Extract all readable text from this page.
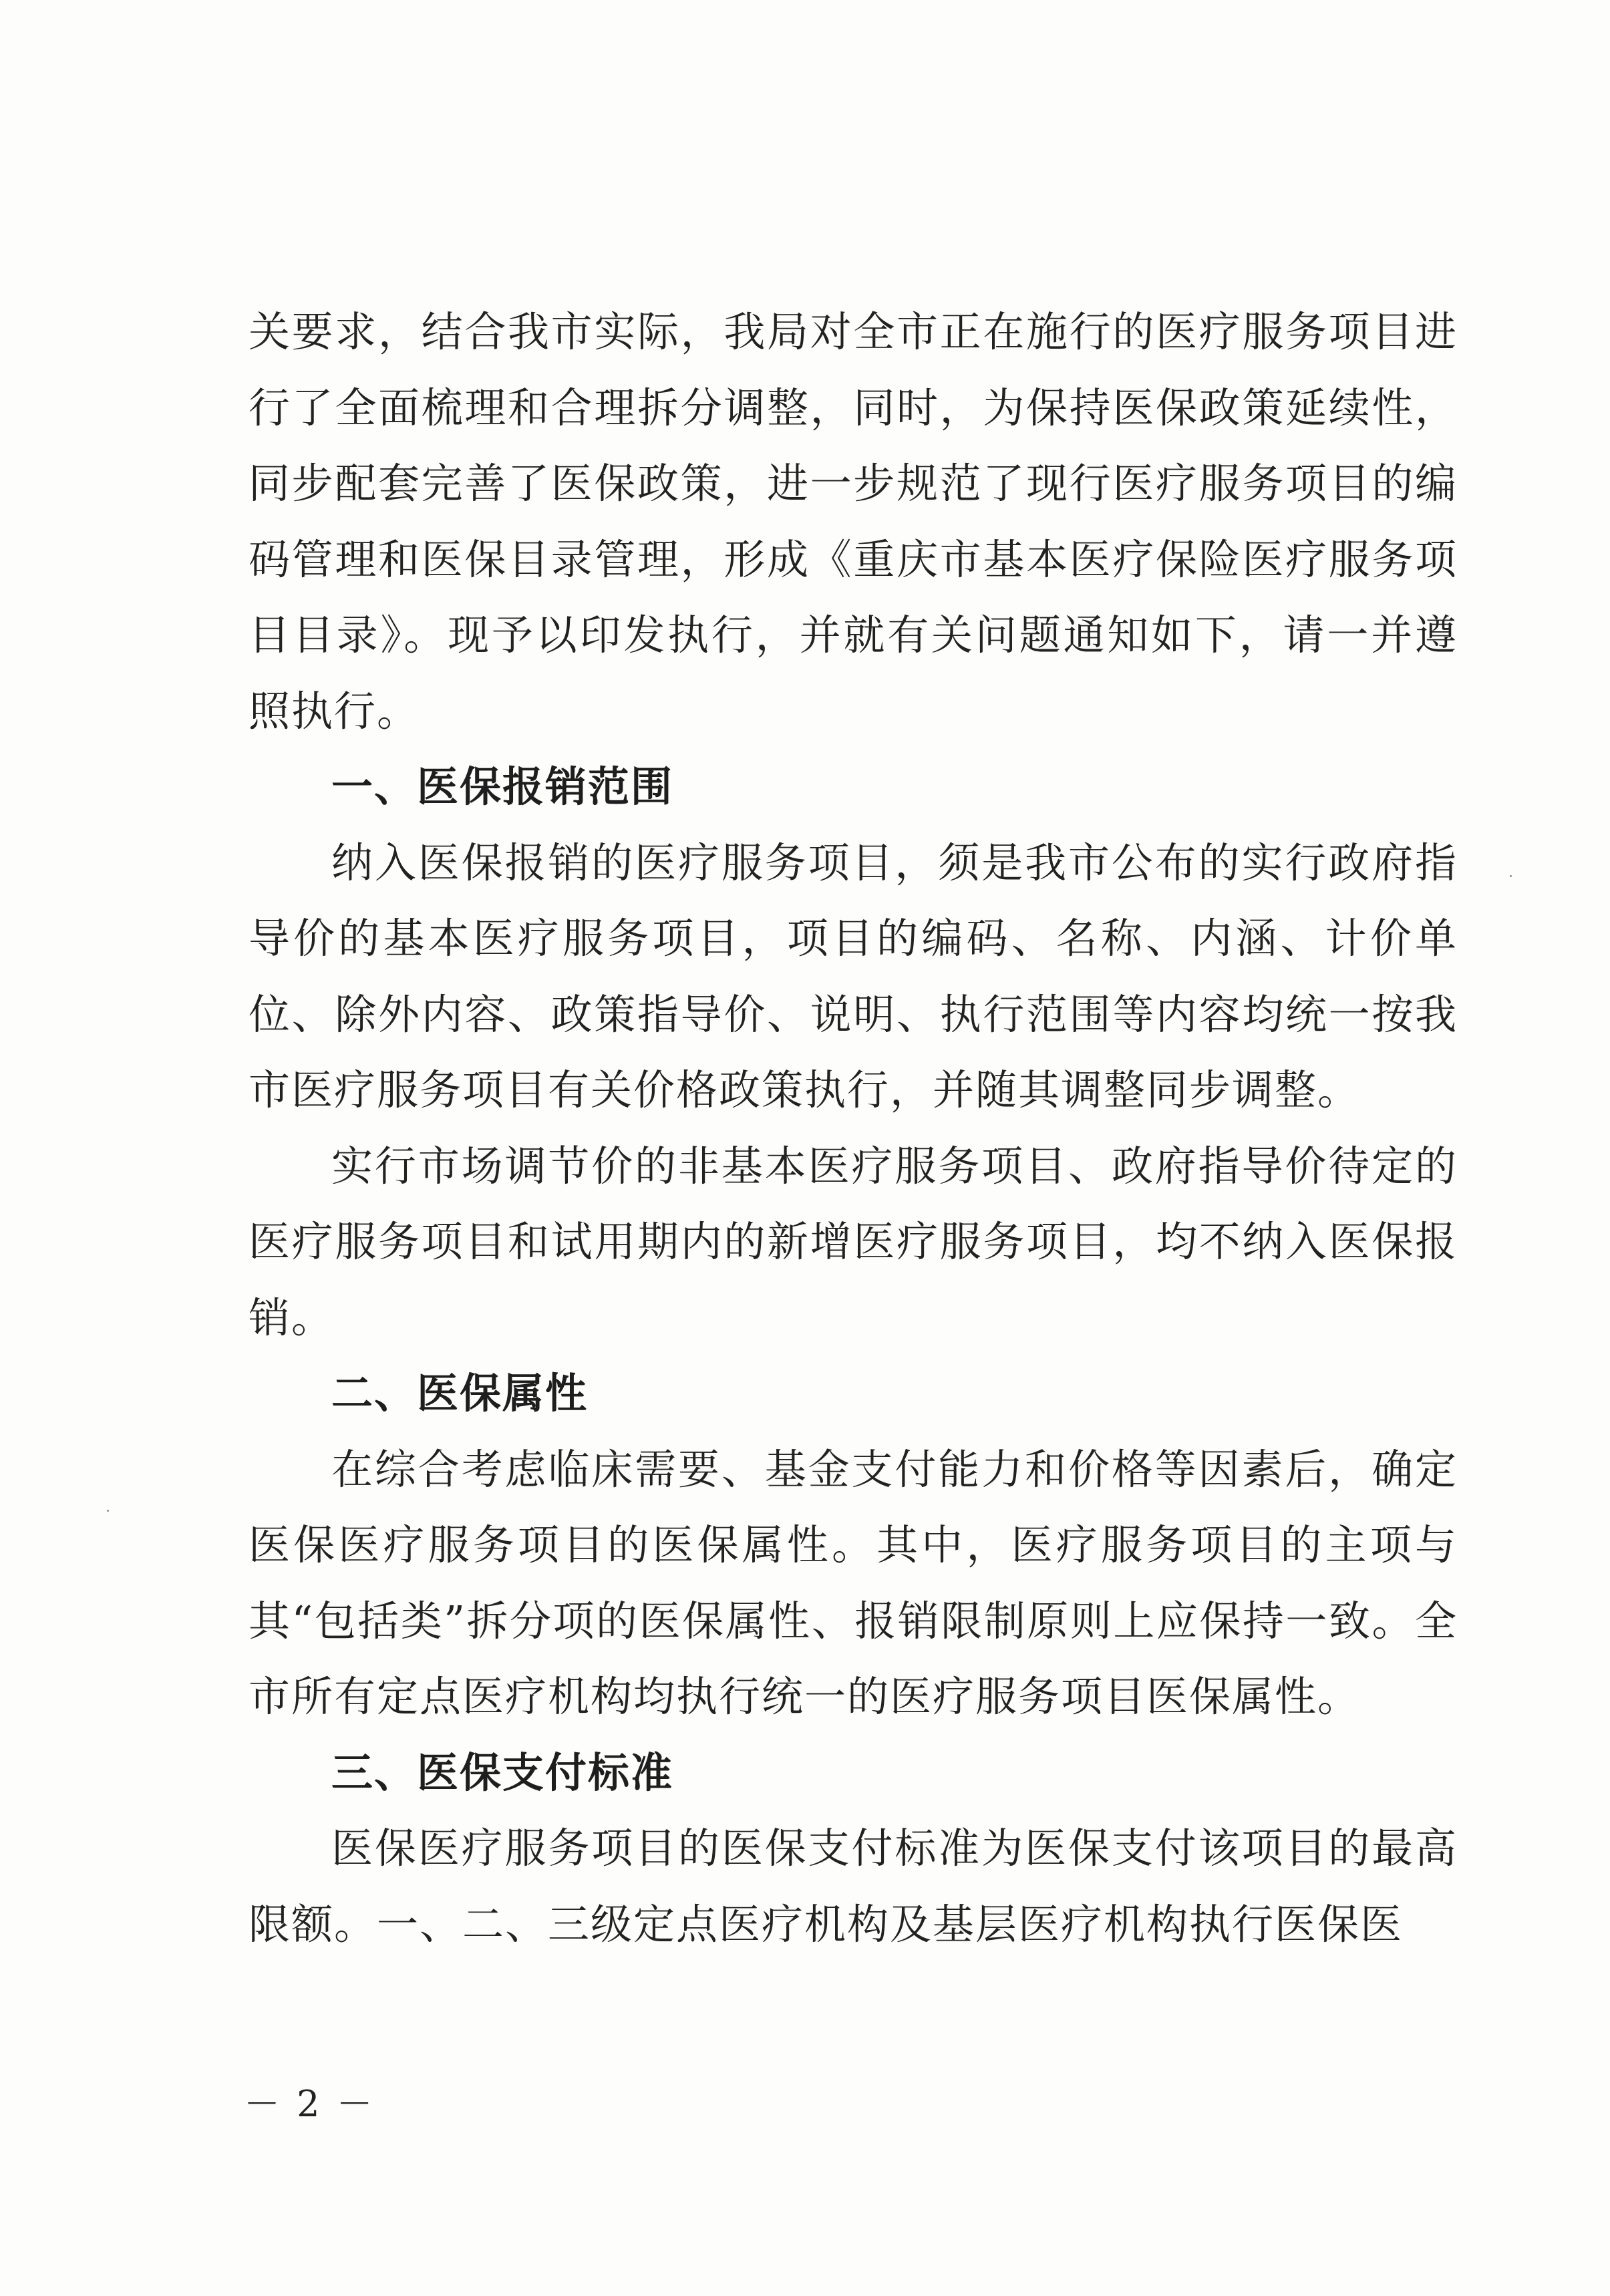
关要求，结合我市实际，我局对全市正在施行的医疗服务项目进行了全面梳理和合理拆分调整，同时，为保持医保政策延续性，同步配套完善了医保政策，进一步规范了现行医疗服务项目的编码管理和医保目录管理，形成《重庆市基本医疗保险医疗服务项目目录》。现予以印发执行，并就有关问题通知如下，请一并遵照执行。

一、医保报销范围

纳入医保报销的医疗服务项目，须是我市公布的实行政府指导价的基本医疗服务项目，项目的编码、名称、内涵、计价单位、除外内容、政策指导价、说明、执行范围等内容均统一按我市医疗服务项目有关价格政策执行，并随其调整同步调整。

实行市场调节价的非基本医疗服务项目、政府指导价待定的医疗服务项目和试用期内的新增医疗服务项目，均不纳入医保报销。

二、医保属性

在综合考虑临床需要、基金支付能力和价格等因素后，确定医保医疗服务项目的医保属性。其中，医疗服务项目的主项与其“包括类”拆分项的医保属性、报销限制原则上应保持一致。全市所有定点医疗机构均执行统一的医疗服务项目医保属性。

三、医保支付标准

医保医疗服务项目的医保支付标准为医保支付该项目的最高限额。一、二、三级定点医疗机构及基层医疗机构执行医保医

－ 2 －
